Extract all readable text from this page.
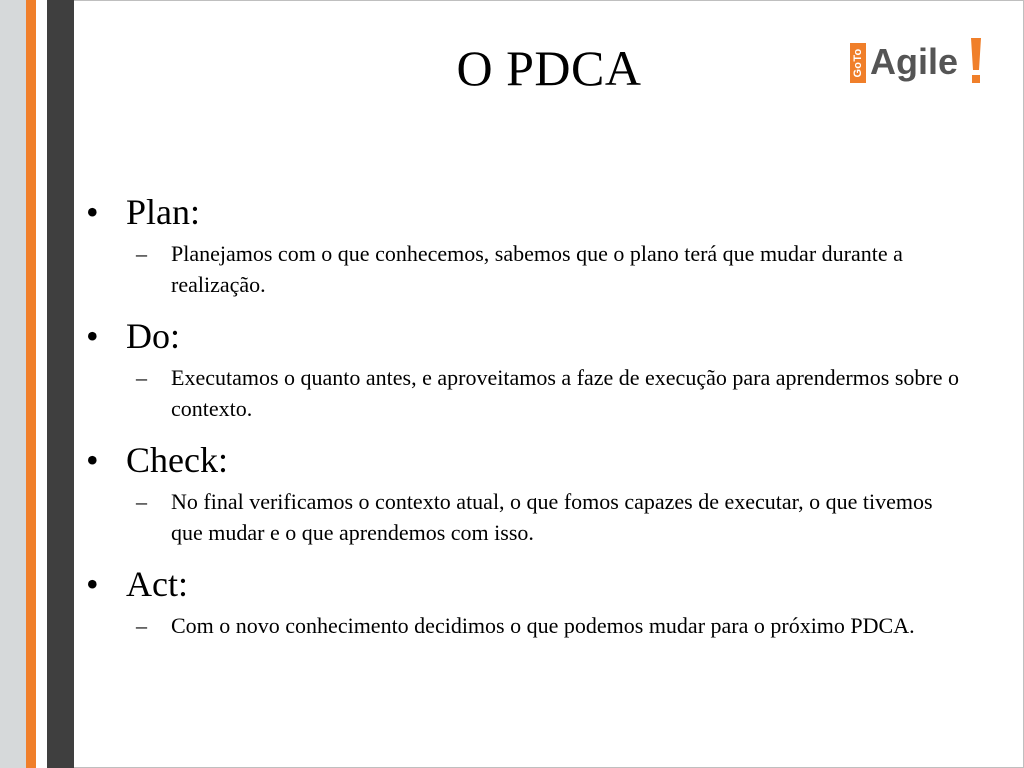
O PDCA	GoTo Agile
• Plan:
– Planejamos com o que conhecemos, sabemos que o plano terá que mudar durante a realização.
• Do:
– Executamos o quanto antes, e aproveitamos a faze de execução para aprendermos sobre o contexto.
• Check:
– No final verificamos o contexto atual, o que fomos capazes de executar, o que tivemos que mudar e o que aprendemos com isso.
• Act:
– Com o novo conhecimento decidimos o que podemos mudar para o próximo PDCA.
